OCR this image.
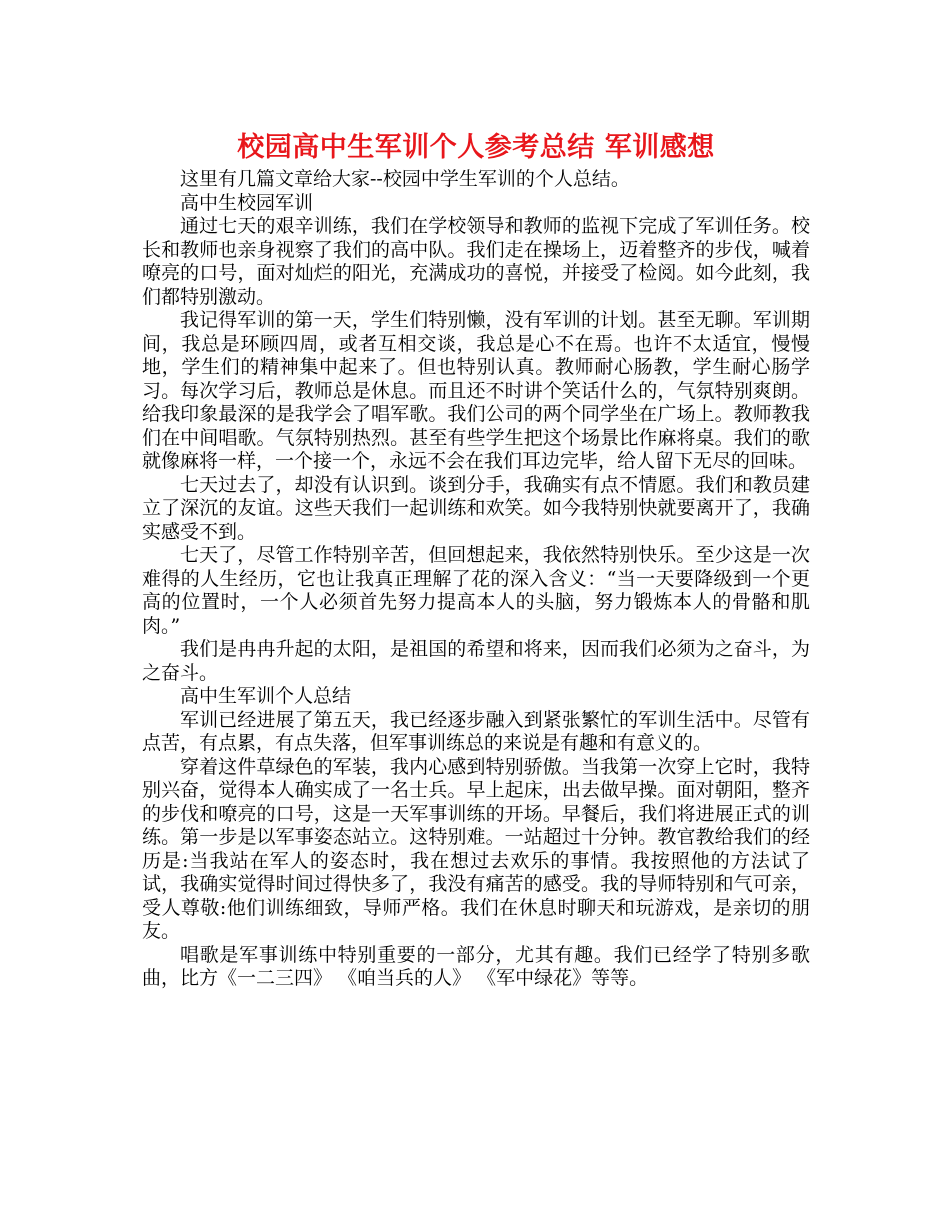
校园高中生军训个人参考总结 军训感想

这里有几篇文章给大家--校园中学生军训的个人总结。

高中生校园军训

通过七天的艰辛训练，我们在学校领导和教师的监视下完成了军训任务。校长和教师也亲身视察了我们的高中队。我们走在操场上，迈着整齐的步伐，喊着嘹亮的口号，面对灿烂的阳光，充满成功的喜悦，并接受了检阅。如今此刻，我们都特别激动。

我记得军训的第一天，学生们特别懒，没有军训的计划。甚至无聊。军训期间，我总是环顾四周，或者互相交谈，我总是心不在焉。也许不太适宜，慢慢地，学生们的精神集中起来了。但也特别认真。教师耐心肠教，学生耐心肠学习。每次学习后，教师总是休息。而且还不时讲个笑话什么的，气氛特别爽朗。给我印象最深的是我学会了唱军歌。我们公司的两个同学坐在广场上。教师教我们在中间唱歌。气氛特别热烈。甚至有些学生把这个场景比作麻将桌。我们的歌就像麻将一样，一个接一个，永远不会在我们耳边完毕，给人留下无尽的回味。

七天过去了，却没有认识到。谈到分手，我确实有点不情愿。我们和教员建立了深沉的友谊。这些天我们一起训练和欢笑。如今我特别快就要离开了，我确实感受不到。

七天了，尽管工作特别辛苦，但回想起来，我依然特别快乐。至少这是一次难得的人生经历，它也让我真正理解了花的深入含义：“当一天要降级到一个更高的位置时，一个人必须首先努力提高本人的头脑，努力锻炼本人的骨骼和肌肉。”

我们是冉冉升起的太阳，是祖国的希望和将来，因而我们必须为之奋斗，为之奋斗。

高中生军训个人总结

军训已经进展了第五天，我已经逐步融入到紧张繁忙的军训生活中。尽管有点苦，有点累，有点失落，但军事训练总的来说是有趣和有意义的。

穿着这件草绿色的军装，我内心感到特别骄傲。当我第一次穿上它时，我特别兴奋，觉得本人确实成了一名士兵。早上起床，出去做早操。面对朝阳，整齐的步伐和嘹亮的口号，这是一天军事训练的开场。早餐后，我们将进展正式的训练。第一步是以军事姿态站立。这特别难。一站超过十分钟。教官教给我们的经历是:当我站在军人的姿态时，我在想过去欢乐的事情。我按照他的方法试了试，我确实觉得时间过得快多了，我没有痛苦的感受。我的导师特别和气可亲，受人尊敬:他们训练细致，导师严格。我们在休息时聊天和玩游戏，是亲切的朋友。

唱歌是军事训练中特别重要的一部分，尤其有趣。我们已经学了特别多歌曲，比方《一二三四》 《咱当兵的人》 《军中绿花》等等。
